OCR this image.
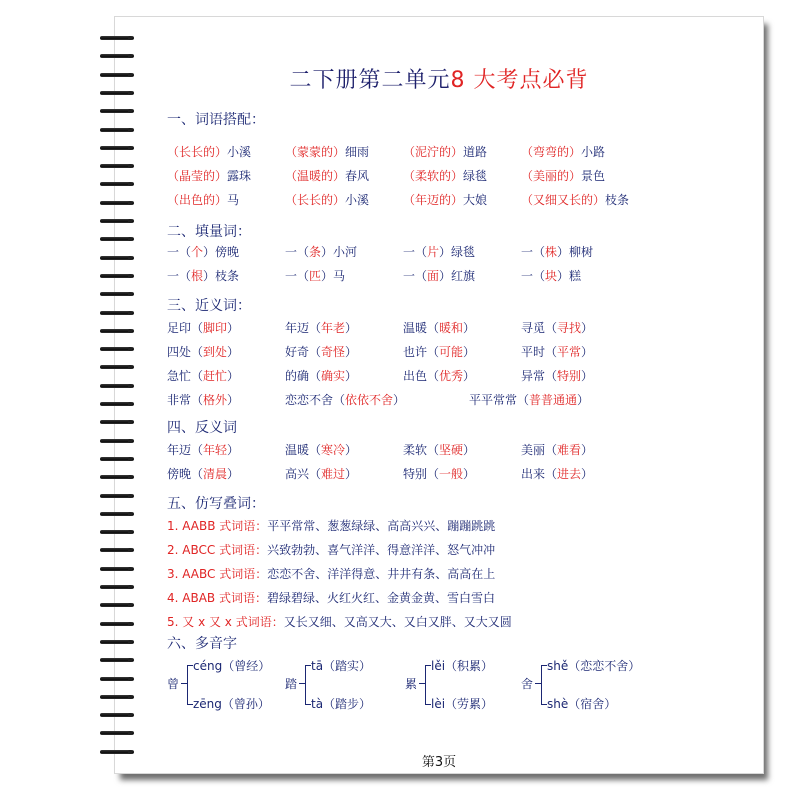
二下册第二单元8 大考点必背
一、词语搭配：
二、填量词：
三、近义词：
四、反义词
五、仿写叠词：
六、多音字
第3页
（长长的）小溪	（蒙蒙的）细雨	（泥泞的）道路	（弯弯的）小路
（晶莹的）露珠	（温暖的）春风	（柔软的）绿毯	（美丽的）景色
（出色的）马	（长长的）小溪	（年迈的）大娘	（又细又长的）枝条
一（个）傍晚	一（条）小河	一（片）绿毯	一（株）柳树
一（根）枝条	一（匹）马	一（面）红旗	一（块）糕
足印（脚印）	年迈（年老）	温暖（暖和）	寻觅（寻找）
四处（到处）	好奇（奇怪）	也许（可能）	平时（平常）
急忙（赶忙）	的确（确实）	出色（优秀）	异常（特别）
年迈（年轻）	温暖（寒冷）	柔软（坚硬）	美丽（难看）
傍晚（清晨）	高兴（难过）	特别（一般）	出来（进去）
非常（格外）	恋恋不舍（依依不舍）	平平常常（普普通通）
1. AABB 式词语：平平常常、葱葱绿绿、高高兴兴、蹦蹦跳跳
2. ABCC 式词语：兴致勃勃、喜气洋洋、得意洋洋、怒气冲冲
3. AABC 式词语：恋恋不舍、洋洋得意、井井有条、高高在上
4. ABAB 式词语：碧绿碧绿、火红火红、金黄金黄、雪白雪白
5. 又 x 又 x 式词语：又长又细、又高又大、又白又胖、又大又圆
曾
céng（曾经）
zēng（曾孙）
踏
tā（踏实）
tà（踏步）
累
lěi（积累）
lèi（劳累）
舍
shě（恋恋不舍）
shè（宿舍）
